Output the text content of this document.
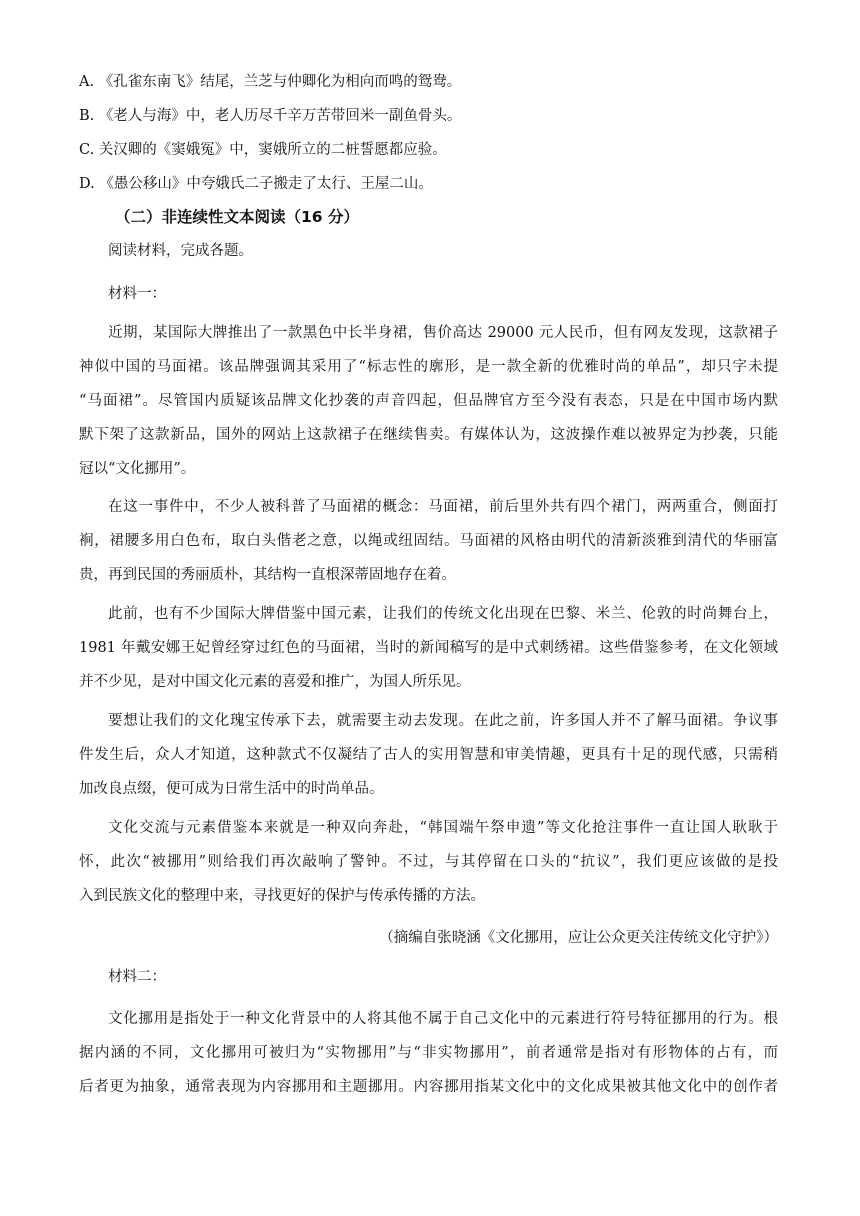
A. 《孔雀东南飞》结尾，兰芝与仲卿化为相向而鸣的鸳鸯。
B. 《老人与海》中，老人历尽千辛万苦带回米一副鱼骨头。
C. 关汉卿的《窦娥冤》中，窦娥所立的二桩誓愿都应验。
D. 《愚公移山》中夸娥氏二子搬走了太行、王屋二山。
（二）非连续性文本阅读（16 分）
阅读材料，完成各题。
材料一：
近期，某国际大牌推出了一款黑色中长半身裙，售价高达 29000 元人民币，但有网友发现，这款裙子
神似中国的马面裙。该品牌强调其采用了“标志性的廓形，是一款全新的优雅时尚的单品”，却只字未提
“马面裙”。尽管国内质疑该品牌文化抄袭的声音四起，但品牌官方至今没有表态，只是在中国市场内默
默下架了这款新品，国外的网站上这款裙子在继续售卖。有媒体认为，这波操作难以被界定为抄袭，只能
冠以“文化挪用”。
在这一事件中，不少人被科普了马面裙的概念：马面裙，前后里外共有四个裙门，两两重合，侧面打
裥，裙腰多用白色布，取白头偕老之意，以绳或纽固结。马面裙的风格由明代的清新淡雅到清代的华丽富
贵，再到民国的秀丽质朴，其结构一直根深蒂固地存在着。
此前，也有不少国际大牌借鉴中国元素，让我们的传统文化出现在巴黎、米兰、伦敦的时尚舞台上，
1981 年戴安娜王妃曾经穿过红色的马面裙，当时的新闻稿写的是中式刺绣裙。这些借鉴参考，在文化领域
并不少见，是对中国文化元素的喜爱和推广，为国人所乐见。
要想让我们的文化瑰宝传承下去，就需要主动去发现。在此之前，许多国人并不了解马面裙。争议事
件发生后，众人才知道，这种款式不仅凝结了古人的实用智慧和审美情趣，更具有十足的现代感，只需稍
加改良点缀，便可成为日常生活中的时尚单品。
文化交流与元素借鉴本来就是一种双向奔赴，“韩国端午祭申遗”等文化抢注事件一直让国人耿耿于
怀，此次“被挪用”则给我们再次敲响了警钟。不过，与其停留在口头的“抗议”，我们更应该做的是投
入到民族文化的整理中来，寻找更好的保护与传承传播的方法。
（摘编自张晓涵《文化挪用，应让公众更关注传统文化守护》）
材料二：
文化挪用是指处于一种文化背景中的人将其他不属于自己文化中的元素进行符号特征挪用的行为。根
据内涵的不同，文化挪用可被归为“实物挪用”与“非实物挪用”，前者通常是指对有形物体的占有，而
后者更为抽象，通常表现为内容挪用和主题挪用。内容挪用指某文化中的文化成果被其他文化中的创作者
